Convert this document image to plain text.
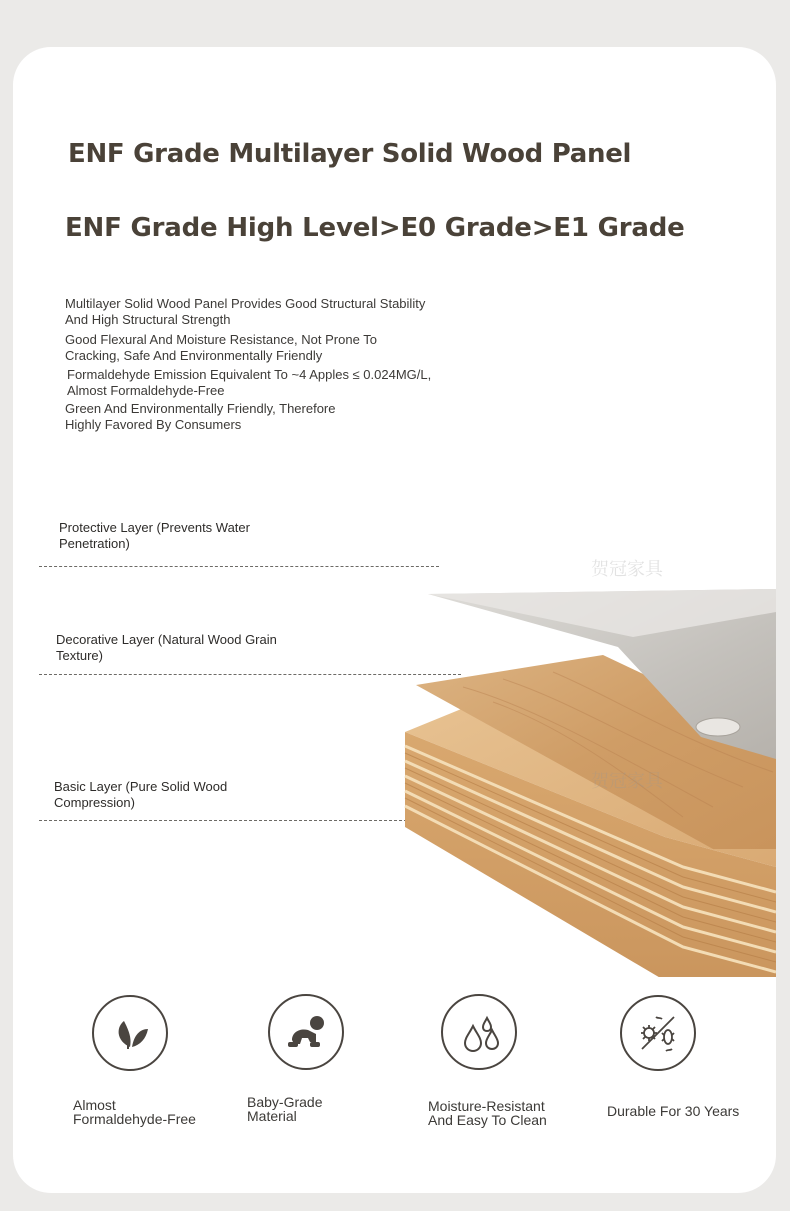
ENF Grade Multilayer Solid Wood Panel
ENF Grade High Level>E0 Grade>E1 Grade
Multilayer Solid Wood Panel Provides Good Structural Stability
And High Structural Strength
Good Flexural And Moisture Resistance, Not Prone To
Cracking, Safe And Environmentally Friendly
Formaldehyde Emission Equivalent To ~4 Apples ≤ 0.024MG/L,
Almost Formaldehyde-Free
Green And Environmentally Friendly, Therefore
Highly Favored By Consumers
Protective Layer (Prevents Water
Penetration)
Decorative Layer (Natural Wood Grain
Texture)
Basic Layer (Pure Solid Wood
Compression)
贺冠家具
贺冠家具
Almost
Formaldehyde-Free
Baby-Grade
Material
Moisture-Resistant
And Easy To Clean
Durable For 30 Years
